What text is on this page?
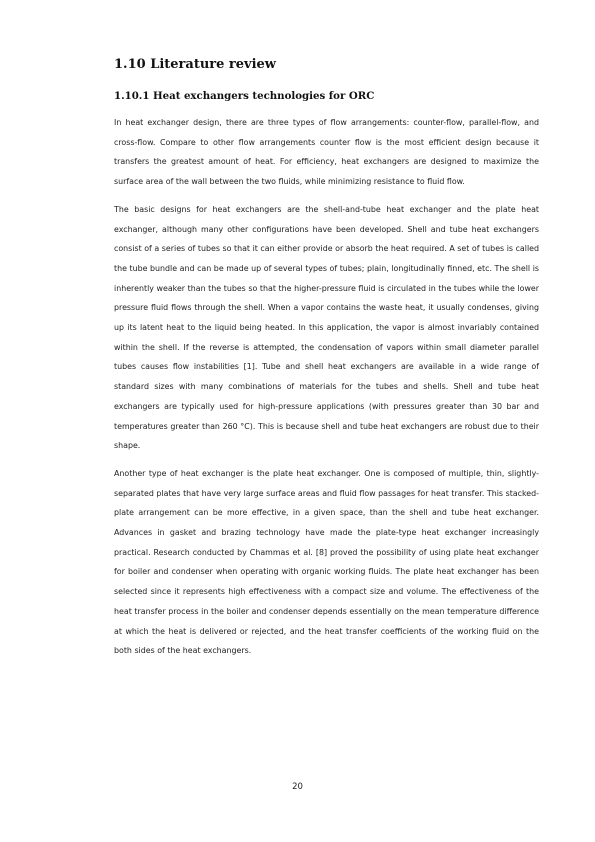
1.10 Literature review
1.10.1 Heat exchangers technologies for ORC

In heat exchanger design, there are three types of flow arrangements: counter-flow, parallel-flow, and cross-flow. Compare to other flow arrangements counter flow is the most efficient design because it transfers the greatest amount of heat. For efficiency, heat exchangers are designed to maximize the surface area of the wall between the two fluids, while minimizing resistance to fluid flow.

The basic designs for heat exchangers are the shell-and-tube heat exchanger and the plate heat exchanger, although many other configurations have been developed. Shell and tube heat exchangers consist of a series of tubes so that it can either provide or absorb the heat required. A set of tubes is called the tube bundle and can be made up of several types of tubes; plain, longitudinally finned, etc. The shell is inherently weaker than the tubes so that the higher-pressure fluid is circulated in the tubes while the lower pressure fluid flows through the shell. When a vapor contains the waste heat, it usually condenses, giving up its latent heat to the liquid being heated. In this application, the vapor is almost invariably contained within the shell. If the reverse is attempted, the condensation of vapors within small diameter parallel tubes causes flow instabilities [1]. Tube and shell heat exchangers are available in a wide range of standard sizes with many combinations of materials for the tubes and shells. Shell and tube heat exchangers are typically used for high-pressure applications (with pressures greater than 30 bar and temperatures greater than 260 °C). This is because shell and tube heat exchangers are robust due to their shape.

Another type of heat exchanger is the plate heat exchanger. One is composed of multiple, thin, slightly-separated plates that have very large surface areas and fluid flow passages for heat transfer. This stacked-plate arrangement can be more effective, in a given space, than the shell and tube heat exchanger. Advances in gasket and brazing technology have made the plate-type heat exchanger increasingly practical. Research conducted by Chammas et al. [8] proved the possibility of using plate heat exchanger for boiler and condenser when operating with organic working fluids. The plate heat exchanger has been selected since it represents high effectiveness with a compact size and volume. The effectiveness of the heat transfer process in the boiler and condenser depends essentially on the mean temperature difference at which the heat is delivered or rejected, and the heat transfer coefficients of the working fluid on the both sides of the heat exchangers.

20
